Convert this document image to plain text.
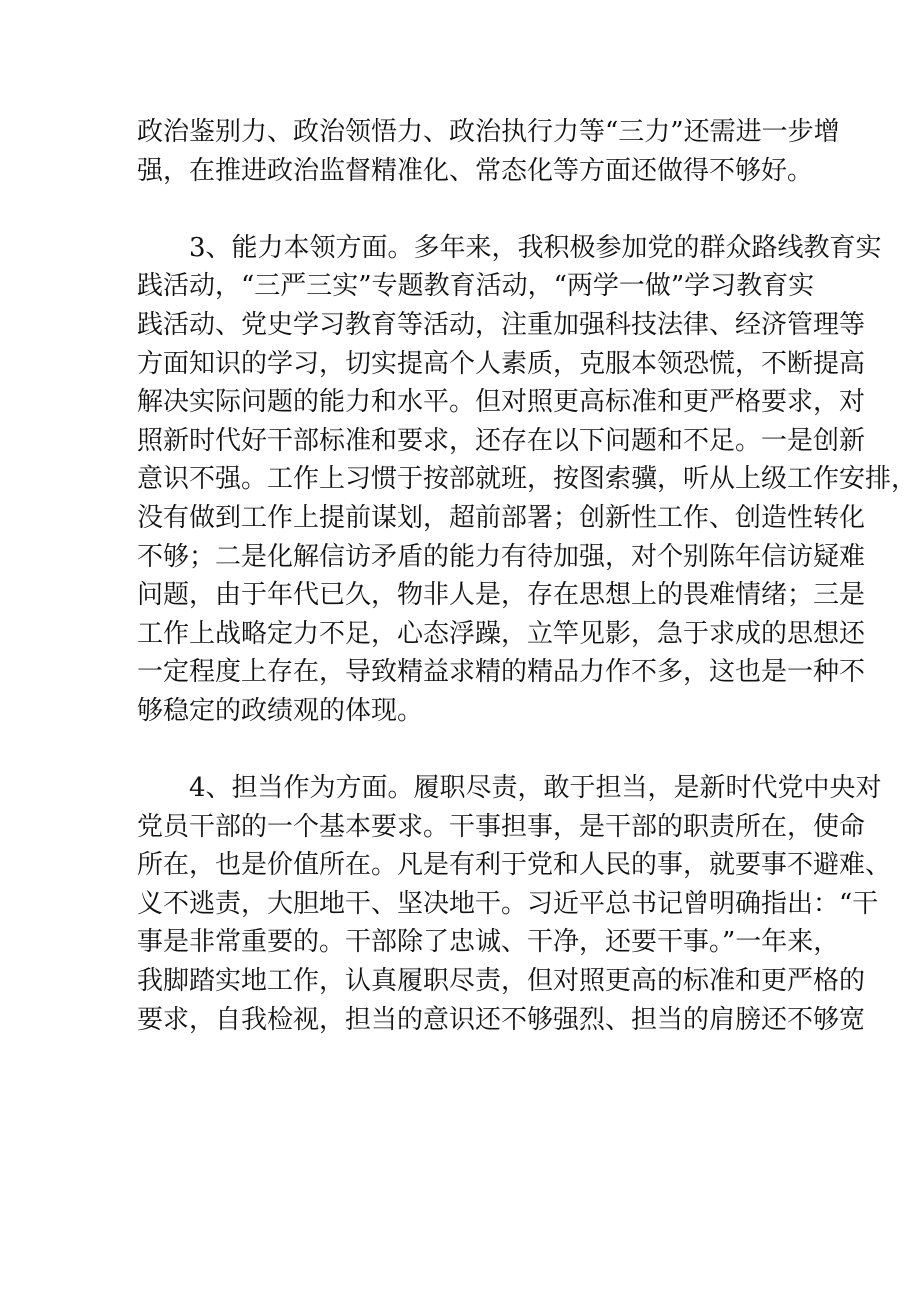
政治鉴别力、政治领悟力、政治执行力等“三力”还需进一步增
强，在推进政治监督精准化、常态化等方面还做得不够好。
3、能力本领方面。多年来，我积极参加党的群众路线教育实
践活动，“三严三实”专题教育活动，“两学一做”学习教育实
践活动、党史学习教育等活动，注重加强科技法律、经济管理等
方面知识的学习，切实提高个人素质，克服本领恐慌，不断提高
解决实际问题的能力和水平。但对照更高标准和更严格要求，对
照新时代好干部标准和要求，还存在以下问题和不足。一是创新
意识不强。工作上习惯于按部就班，按图索骥，听从上级工作安排，
没有做到工作上提前谋划，超前部署；创新性工作、创造性转化
不够；二是化解信访矛盾的能力有待加强，对个别陈年信访疑难
问题，由于年代已久，物非人是，存在思想上的畏难情绪；三是
工作上战略定力不足，心态浮躁，立竿见影，急于求成的思想还
一定程度上存在，导致精益求精的精品力作不多，这也是一种不
够稳定的政绩观的体现。
4、担当作为方面。履职尽责，敢于担当，是新时代党中央对
党员干部的一个基本要求。干事担事，是干部的职责所在，使命
所在，也是价值所在。凡是有利于党和人民的事，就要事不避难、
义不逃责，大胆地干、坚决地干。习近平总书记曾明确指出：“干
事是非常重要的。干部除了忠诚、干净，还要干事。”一年来，
我脚踏实地工作，认真履职尽责，但对照更高的标准和更严格的
要求，自我检视，担当的意识还不够强烈、担当的肩膀还不够宽
